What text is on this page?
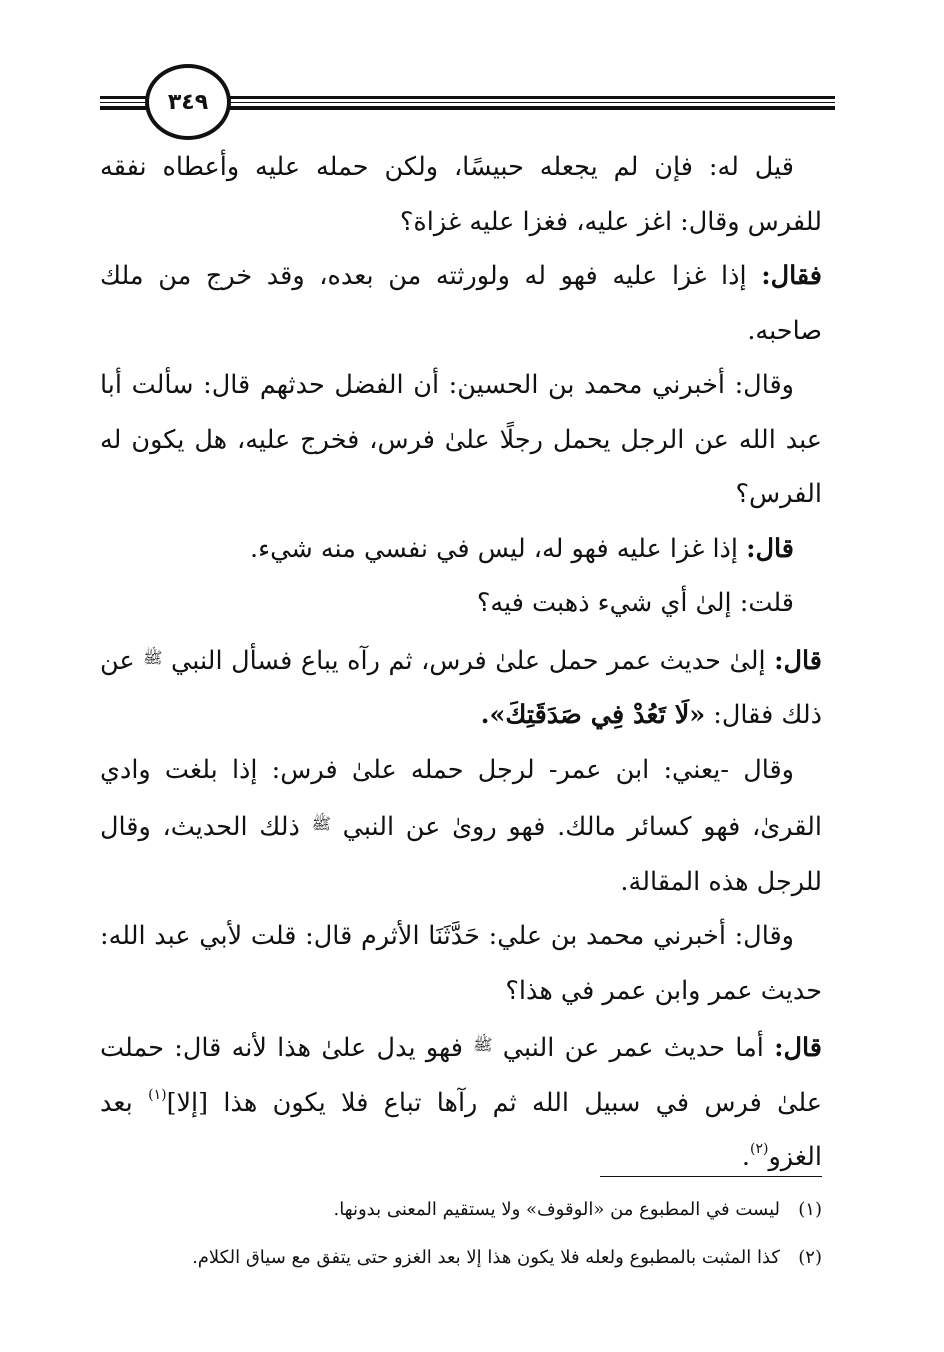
٣٤٩

قيل له: فإن لم يجعله حبيسًا، ولكن حمله عليه وأعطاه نفقه للفرس وقال: اغز عليه، فغزا عليه غزاة؟

فقال: إذا غزا عليه فهو له ولورثته من بعده، وقد خرج من ملك صاحبه.

وقال: أخبرني محمد بن الحسين: أن الفضل حدثهم قال: سألت أبا عبد الله عن الرجل يحمل رجلًا علىٰ فرس، فخرج عليه، هل يكون له الفرس؟

قال: إذا غزا عليه فهو له، ليس في نفسي منه شيء.

قلت: إلىٰ أي شيء ذهبت فيه؟

قال: إلىٰ حديث عمر حمل علىٰ فرس، ثم رآه يباع فسأل النبي $^ﷺ$ عن ذلك فقال: «لَا تَعُدْ فِي صَدَقَتِكَ».

وقال -يعني: ابن عمر- لرجل حمله علىٰ فرس: إذا بلغت وادي القرىٰ، فهو كسائر مالك. فهو روىٰ عن النبي $^ﷺ$ ذلك الحديث، وقال للرجل هذه المقالة.

وقال: أخبرني محمد بن علي: حَدَّثَنَا الأثرم قال: قلت لأبي عبد الله: حديث عمر وابن عمر في هذا؟

قال: أما حديث عمر عن النبي $^ﷺ$ فهو يدل علىٰ هذا لأنه قال: حملت علىٰ فرس في سبيل الله ثم رآها تباع فلا يكون هذا [إلا]$^{(١)}$ بعد الغزو$^{(٢)}$.

(١)
ليست في المطبوع من «الوقوف» ولا يستقيم المعنى بدونها.
(٢)
كذا المثبت بالمطبوع ولعله فلا يكون هذا إلا بعد الغزو حتى يتفق مع سياق الكلام.
